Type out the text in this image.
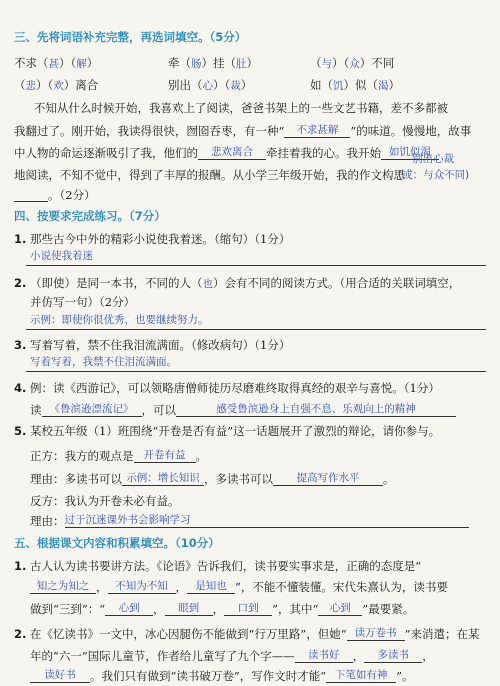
三、先将词语补充完整，再选词填空。（5分）
不求（甚）（解）	牵（肠）挂（肚）	（与）（众）不同
（悲）（欢）离合	别出（心）（裁）	如（饥）似（渴）
不知从什么时候开始，我喜欢上了阅读，爸爸书架上的一些文艺书籍，差不多都被
我翻过了。刚开始，我读得很快，囫囵吞枣，有一种“ 不求甚解 ”的味道。慢慢地，故事
中人物的命运逐渐吸引了我，他们的 悲欢离合 牵挂着我的心。我开始 如饥似渴
地阅读，不知不觉中，得到了丰厚的报酬。从小学三年级开始，我的作文构思
别出心裁
(或：与众不同)
。（2分）
四、按要求完成练习。（7分）
1. 那些古今中外的精彩小说使我着迷。（缩句）（1分）
小说使我着迷
2. （即使）是同一本书，不同的人（也）会有不同的阅读方式。（用合适的关联词填空，
并仿写一句）（2分）
示例：即使你很优秀，也要继续努力。
3. 写着写着，禁不住我泪流满面。（修改病句）（1分）
写着写着，我禁不住泪流满面。
4. 例：读《西游记》，可以领略唐僧师徒历尽磨难终取得真经的艰辛与喜悦。（1分）
读 《鲁滨逊漂流记》 ，可以	感受鲁滨逊身上自强不息、乐观向上的精神
5. 某校五年级（1）班围绕“开卷是否有益”这一话题展开了激烈的辩论，请你参与。
正方：我方的观点是 开卷有益 。
理由：多读书可以 示例：增长知识 ，多读书可以 提高写作水平 。
反方：我认为开卷未必有益。
理由：过于沉迷课外书会影响学习
五、根据课文内容和积累填空。（10分）
1. 古人认为读书要讲方法。《论语》告诉我们，读书要实事求是，正确的态度是“
知之为知之 ， 不知为不知 ， 是知也 ”，不能不懂装懂。宋代朱熹认为，读书要
做到“三到”：“ 心到 ， 眼到 ， 口到 ”，其中“ 心到 ”最要紧。
2. 在《忆读书》一文中，冰心因腿伤不能做到“行万里路”，但她“ 读万卷书 ”来消遣；在某
年的“六一”国际儿童节，作者给儿童写了九个字—— 读书好 ， 多读书 ，
读好书 。我们只有做到“读书破万卷”，写作文时才能“ 下笔如有神 ”。
